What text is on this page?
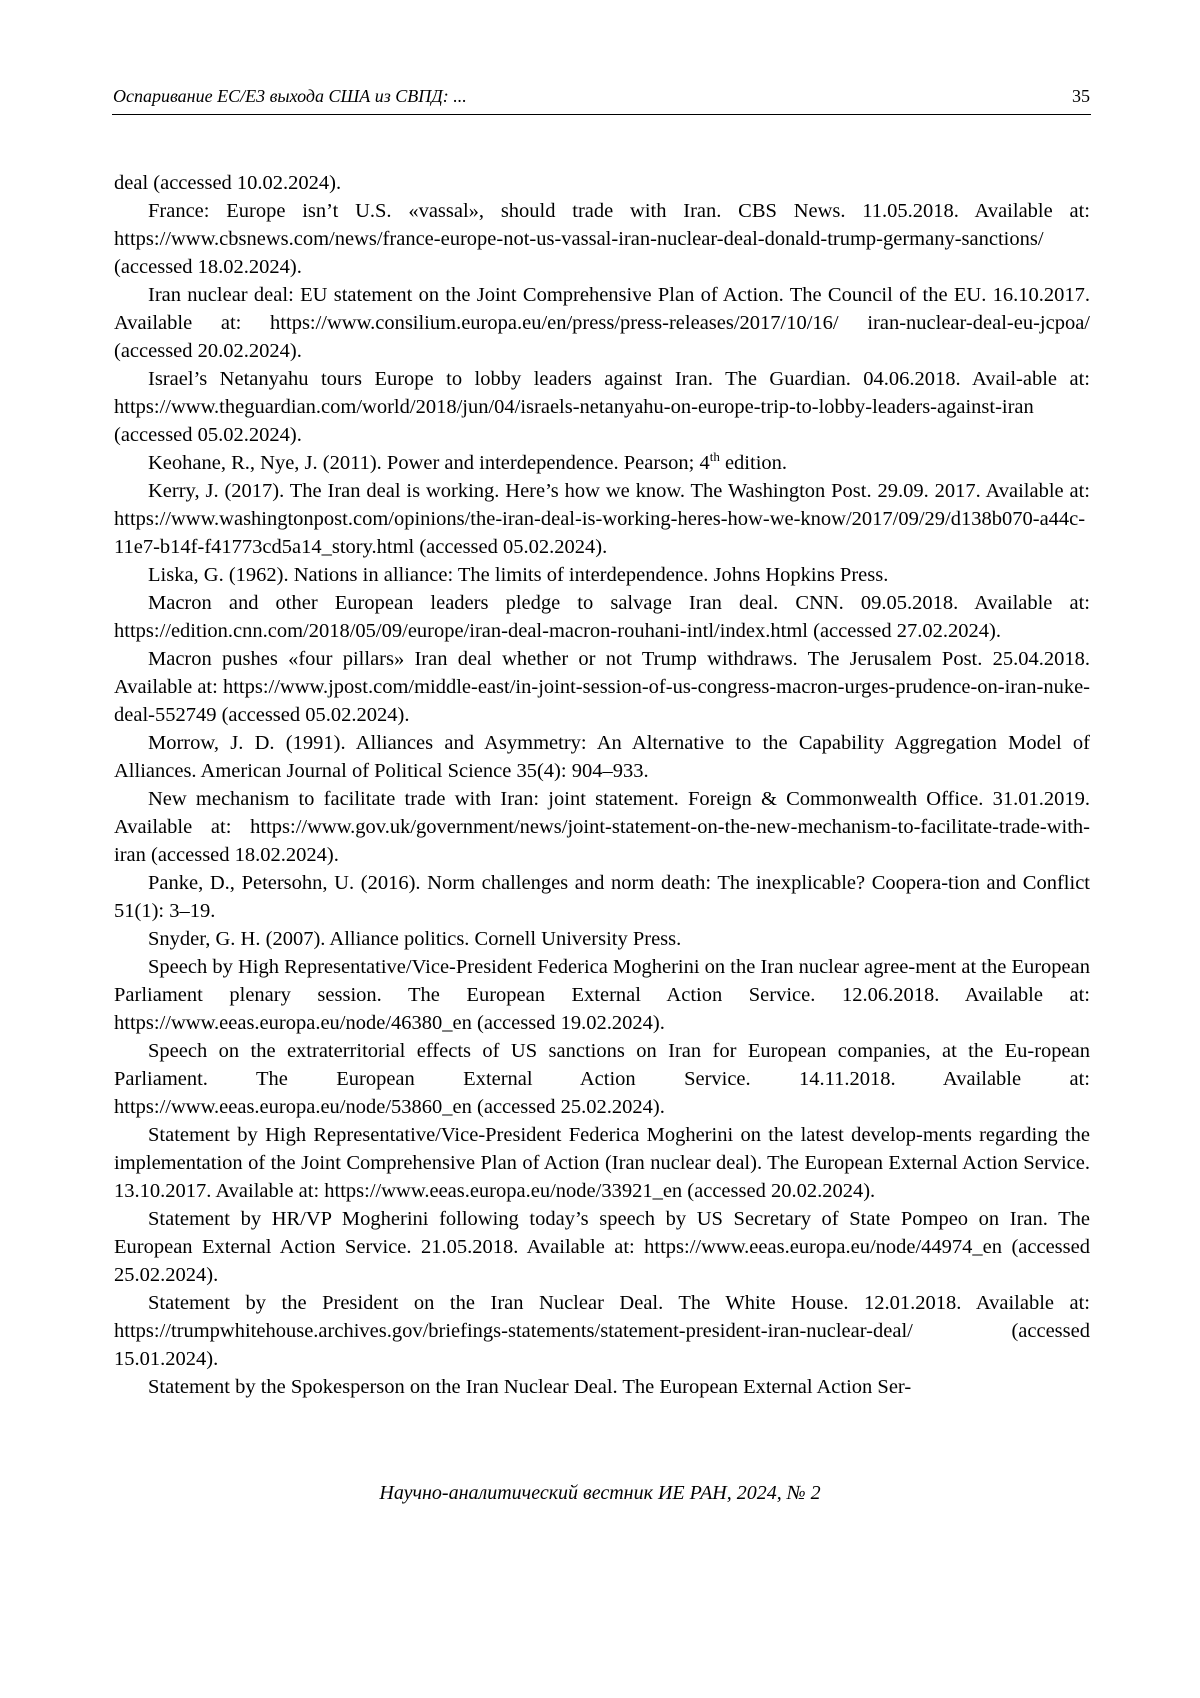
Оспаривание ЕС/Е3 выхода США из СВПД: ...	35

deal (accessed 10.02.2024).

France: Europe isn’t U.S. «vassal», should trade with Iran. CBS News. 11.05.2018. Available at: https://www.cbsnews.com/news/france-europe-not-us-vassal-iran-nuclear-deal-donald-trump-germany-sanctions/ (accessed 18.02.2024).

Iran nuclear deal: EU statement on the Joint Comprehensive Plan of Action. The Council of the EU. 16.10.2017. Available at: https://www.consilium.europa.eu/en/press/press-releases/2017/10/16/ iran-nuclear-deal-eu-jcpoa/ (accessed 20.02.2024).

Israel’s Netanyahu tours Europe to lobby leaders against Iran. The Guardian. 04.06.2018. Avail-able at: https://www.theguardian.com/world/2018/jun/04/israels-netanyahu-on-europe-trip-to-lobby-leaders-against-iran (accessed 05.02.2024).

Keohane, R., Nye, J. (2011). Power and interdependence. Pearson; 4th edition.

Kerry, J. (2017). The Iran deal is working. Here’s how we know. The Washington Post. 29.09. 2017. Available at: https://www.washingtonpost.com/opinions/the-iran-deal-is-working-heres-how-we-know/2017/09/29/d138b070-a44c-11e7-b14f-f41773cd5a14_story.html (accessed 05.02.2024).

Liska, G. (1962). Nations in alliance: The limits of interdependence. Johns Hopkins Press.

Macron and other European leaders pledge to salvage Iran deal. CNN. 09.05.2018. Available at: https://edition.cnn.com/2018/05/09/europe/iran-deal-macron-rouhani-intl/index.html (accessed 27.02.2024).

Macron pushes «four pillars» Iran deal whether or not Trump withdraws. The Jerusalem Post. 25.04.2018. Available at: https://www.jpost.com/middle-east/in-joint-session-of-us-congress-macron-urges-prudence-on-iran-nuke-deal-552749 (accessed 05.02.2024).

Morrow, J. D. (1991). Alliances and Asymmetry: An Alternative to the Capability Aggregation Model of Alliances. American Journal of Political Science 35(4): 904–933.

New mechanism to facilitate trade with Iran: joint statement. Foreign & Commonwealth Office. 31.01.2019. Available at: https://www.gov.uk/government/news/joint-statement-on-the-new-mechanism-to-facilitate-trade-with-iran (accessed 18.02.2024).

Panke, D., Petersohn, U. (2016). Norm challenges and norm death: The inexplicable? Coopera-tion and Conflict 51(1): 3–19.

Snyder, G. H. (2007). Alliance politics. Cornell University Press.

Speech by High Representative/Vice-President Federica Mogherini on the Iran nuclear agree-ment at the European Parliament plenary session. The European External Action Service. 12.06.2018. Available at: https://www.eeas.europa.eu/node/46380_en (accessed 19.02.2024).

Speech on the extraterritorial effects of US sanctions on Iran for European companies, at the Eu-ropean Parliament. The European External Action Service. 14.11.2018. Available at: https://www.eeas.europa.eu/node/53860_en (accessed 25.02.2024).

Statement by High Representative/Vice-President Federica Mogherini on the latest develop-ments regarding the implementation of the Joint Comprehensive Plan of Action (Iran nuclear deal). The European External Action Service. 13.10.2017. Available at: https://www.eeas.europa.eu/node/33921_en (accessed 20.02.2024).

Statement by HR/VP Mogherini following today’s speech by US Secretary of State Pompeo on Iran. The European External Action Service. 21.05.2018. Available at: https://www.eeas.europa.eu/node/44974_en (accessed 25.02.2024).

Statement by the President on the Iran Nuclear Deal. The White House. 12.01.2018. Available at: https://trumpwhitehouse.archives.gov/briefings-statements/statement-president-iran-nuclear-deal/ (accessed 15.01.2024).

Statement by the Spokesperson on the Iran Nuclear Deal. The European External Action Ser-

Научно-аналитический вестник ИЕ РАН, 2024, № 2
